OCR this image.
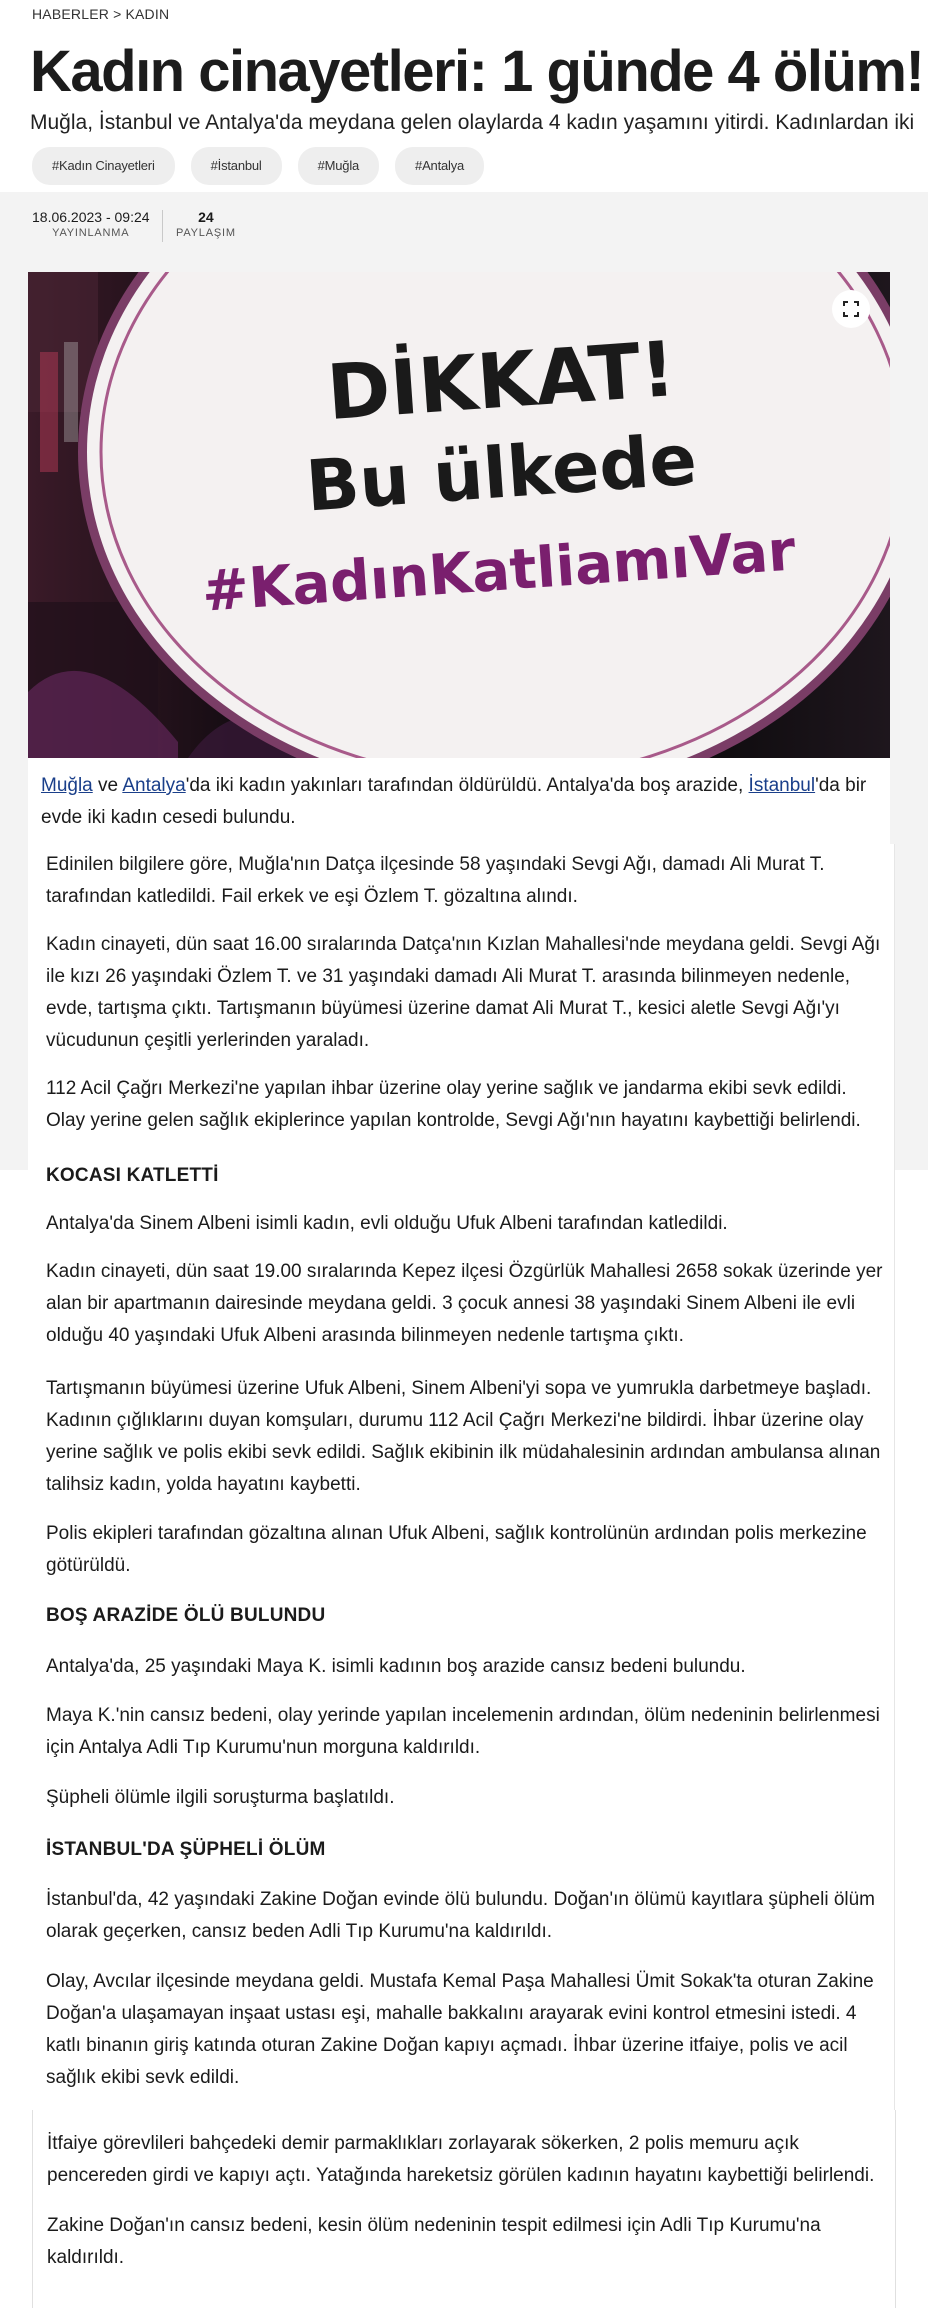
HABERLER > KADIN
Kadın cinayetleri: 1 günde 4 ölüm!
Muğla, İstanbul ve Antalya'da meydana gelen olaylarda 4 kadın yaşamını yitirdi. Kadınlardan iki
#Kadın Cinayetleri	#İstanbul	#Muğla	#Antalya
18.06.2023 - 09:24
YAYINLANMA
24
PAYLAŞIM
DİKKAT!
Bu ülkede
#KadınKatliamıVar

Muğla ve Antalya'da iki kadın yakınları tarafından öldürüldü. Antalya'da boş arazide, İstanbul'da bir evde iki kadın cesedi bulundu.

Edinilen bilgilere göre, Muğla'nın Datça ilçesinde 58 yaşındaki Sevgi Ağı, damadı Ali Murat T. tarafından katledildi. Fail erkek ve eşi Özlem T. gözaltına alındı.

Kadın cinayeti, dün saat 16.00 sıralarında Datça'nın Kızlan Mahallesi'nde meydana geldi. Sevgi Ağı ile kızı 26 yaşındaki Özlem T. ve 31 yaşındaki damadı Ali Murat T. arasında bilinmeyen nedenle, evde, tartışma çıktı. Tartışmanın büyümesi üzerine damat Ali Murat T., kesici aletle Sevgi Ağı'yı vücudunun çeşitli yerlerinden yaraladı.

112 Acil Çağrı Merkezi'ne yapılan ihbar üzerine olay yerine sağlık ve jandarma ekibi sevk edildi. Olay yerine gelen sağlık ekiplerince yapılan kontrolde, Sevgi Ağı'nın hayatını kaybettiği belirlendi.

KOCASI KATLETTİ

Antalya'da Sinem Albeni isimli kadın, evli olduğu Ufuk Albeni tarafından katledildi.

Kadın cinayeti, dün saat 19.00 sıralarında Kepez ilçesi Özgürlük Mahallesi 2658 sokak üzerinde yer alan bir apartmanın dairesinde meydana geldi. 3 çocuk annesi 38 yaşındaki Sinem Albeni ile evli olduğu 40 yaşındaki Ufuk Albeni arasında bilinmeyen nedenle tartışma çıktı.

Tartışmanın büyümesi üzerine Ufuk Albeni, Sinem Albeni'yi sopa ve yumrukla darbetmeye başladı. Kadının çığlıklarını duyan komşuları, durumu 112 Acil Çağrı Merkezi'ne bildirdi. İhbar üzerine olay yerine sağlık ve polis ekibi sevk edildi. Sağlık ekibinin ilk müdahalesinin ardından ambulansa alınan talihsiz kadın, yolda hayatını kaybetti.

Polis ekipleri tarafından gözaltına alınan Ufuk Albeni, sağlık kontrolünün ardından polis merkezine götürüldü.

BOŞ ARAZİDE ÖLÜ BULUNDU

Antalya'da, 25 yaşındaki Maya K. isimli kadının boş arazide cansız bedeni bulundu.

Maya K.'nin cansız bedeni, olay yerinde yapılan incelemenin ardından, ölüm nedeninin belirlenmesi için Antalya Adli Tıp Kurumu'nun morguna kaldırıldı.

Şüpheli ölümle ilgili soruşturma başlatıldı.

İSTANBUL'DA ŞÜPHELİ ÖLÜM

İstanbul'da, 42 yaşındaki Zakine Doğan evinde ölü bulundu. Doğan'ın ölümü kayıtlara şüpheli ölüm olarak geçerken, cansız beden Adli Tıp Kurumu'na kaldırıldı.

Olay, Avcılar ilçesinde meydana geldi. Mustafa Kemal Paşa Mahallesi Ümit Sokak'ta oturan Zakine Doğan'a ulaşamayan inşaat ustası eşi, mahalle bakkalını arayarak evini kontrol etmesini istedi. 4 katlı binanın giriş katında oturan Zakine Doğan kapıyı açmadı. İhbar üzerine itfaiye, polis ve acil sağlık ekibi sevk edildi.

İtfaiye görevlileri bahçedeki demir parmaklıkları zorlayarak sökerken, 2 polis memuru açık pencereden girdi ve kapıyı açtı. Yatağında hareketsiz görülen kadının hayatını kaybettiği belirlendi.

Zakine Doğan'ın cansız bedeni, kesin ölüm nedeninin tespit edilmesi için Adli Tıp Kurumu'na kaldırıldı.
